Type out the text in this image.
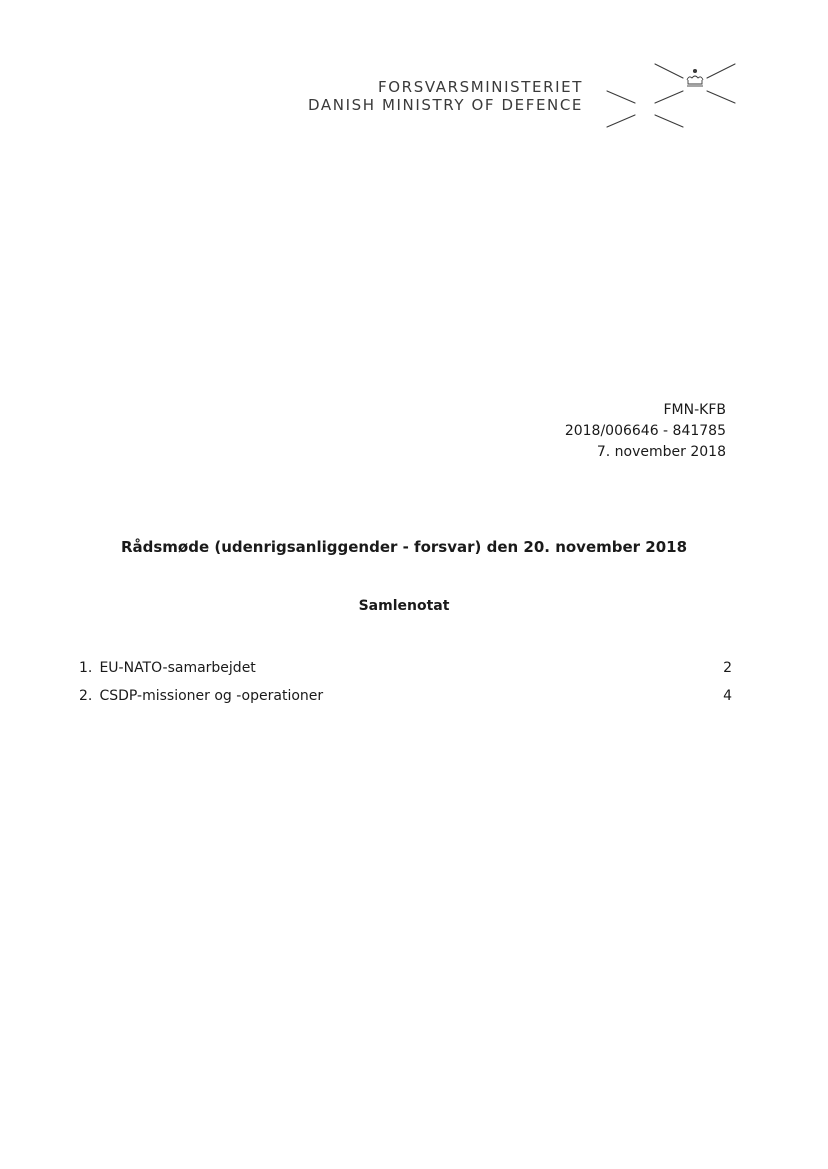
FORSVARSMINISTERIET
DANISH MINISTRY OF DEFENCE
FMN-KFB
2018/006646 - 841785
7. november 2018
Rådsmøde (udenrigsanliggender - forsvar) den 20. november 2018
Samlenotat
1. EU-NATO-samarbejdet	2
2. CSDP-missioner og -operationer	4
